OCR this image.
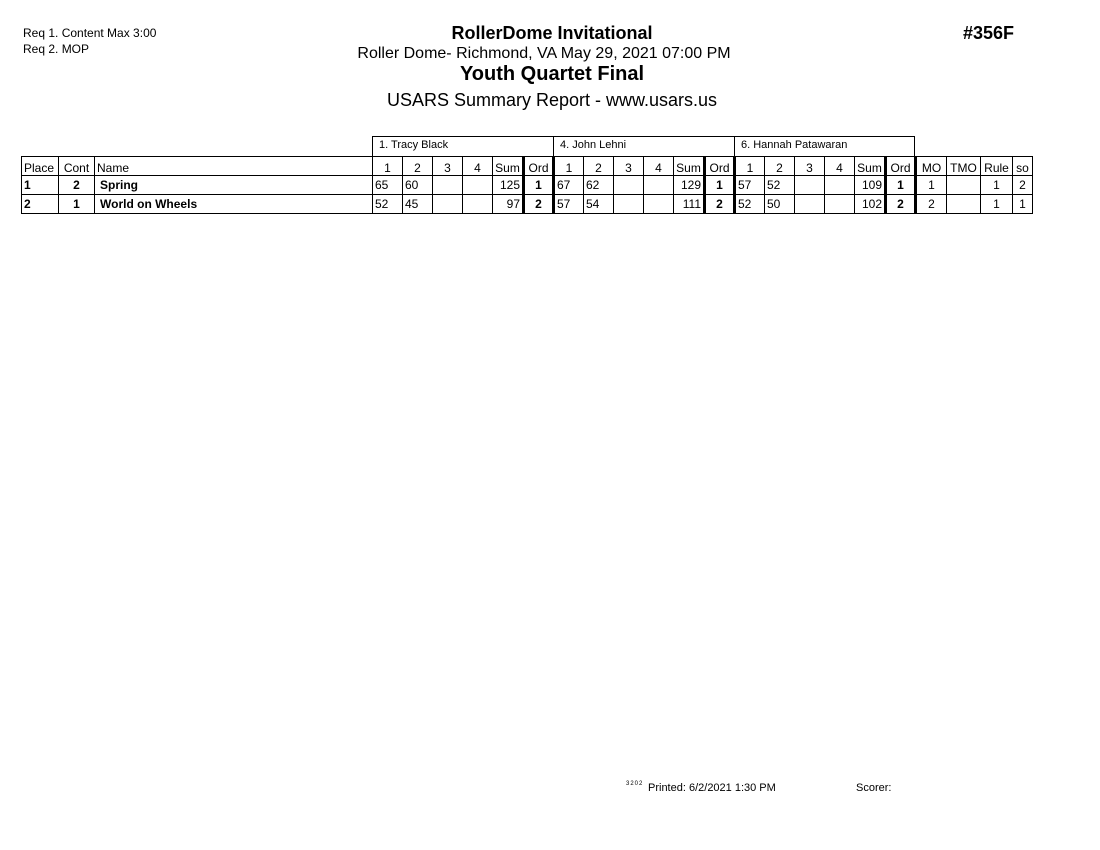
Req 1. Content Max 3:00
Req 2. MOP
RollerDome Invitational
Roller Dome- Richmond, VA May 29, 2021 07:00 PM
Youth Quartet Final
USARS Summary Report - www.usars.us
#356F
1. Tracy Black	4. John Lehni	6. Hannah Patawaran
Place	Cont	Name	1	2	3	4	Sum	Ord	1	2	3	4	Sum	Ord	1	2	3	4	Sum	Ord	MO	TMO	Rule	so
1	2	Spring	65	60			125	1	67	62			129	1	57	52			109	1	1		1	2
2	1	World on Wheels	52	45			97	2	57	54			111	2	52	50			102	2	2		1	1
3202 Printed: 6/2/2021 1:30 PM	Scorer:
